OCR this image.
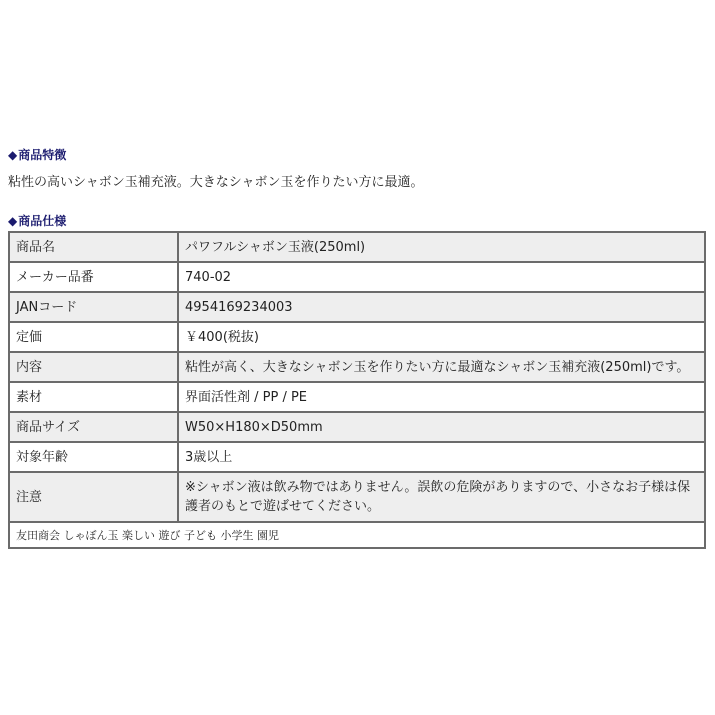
◆商品特徴
粘性の高いシャボン玉補充液。大きなシャボン玉を作りたい方に最適。
◆商品仕様
商品名	パワフルシャボン玉液(250ml)
メーカー品番	740-02
JANコード	4954169234003
定価	￥400(税抜)
内容	粘性が高く、大きなシャボン玉を作りたい方に最適なシャボン玉補充液(250ml)です。
素材	界面活性剤 / PP / PE
商品サイズ	W50×H180×D50mm
対象年齢	3歳以上
注意	※シャボン液は飲み物ではありません。誤飲の危険がありますので、小さなお子様は保護者のもとで遊ばせてください。
友田商会 しゃぼん玉 楽しい 遊び 子ども 小学生 園児	
